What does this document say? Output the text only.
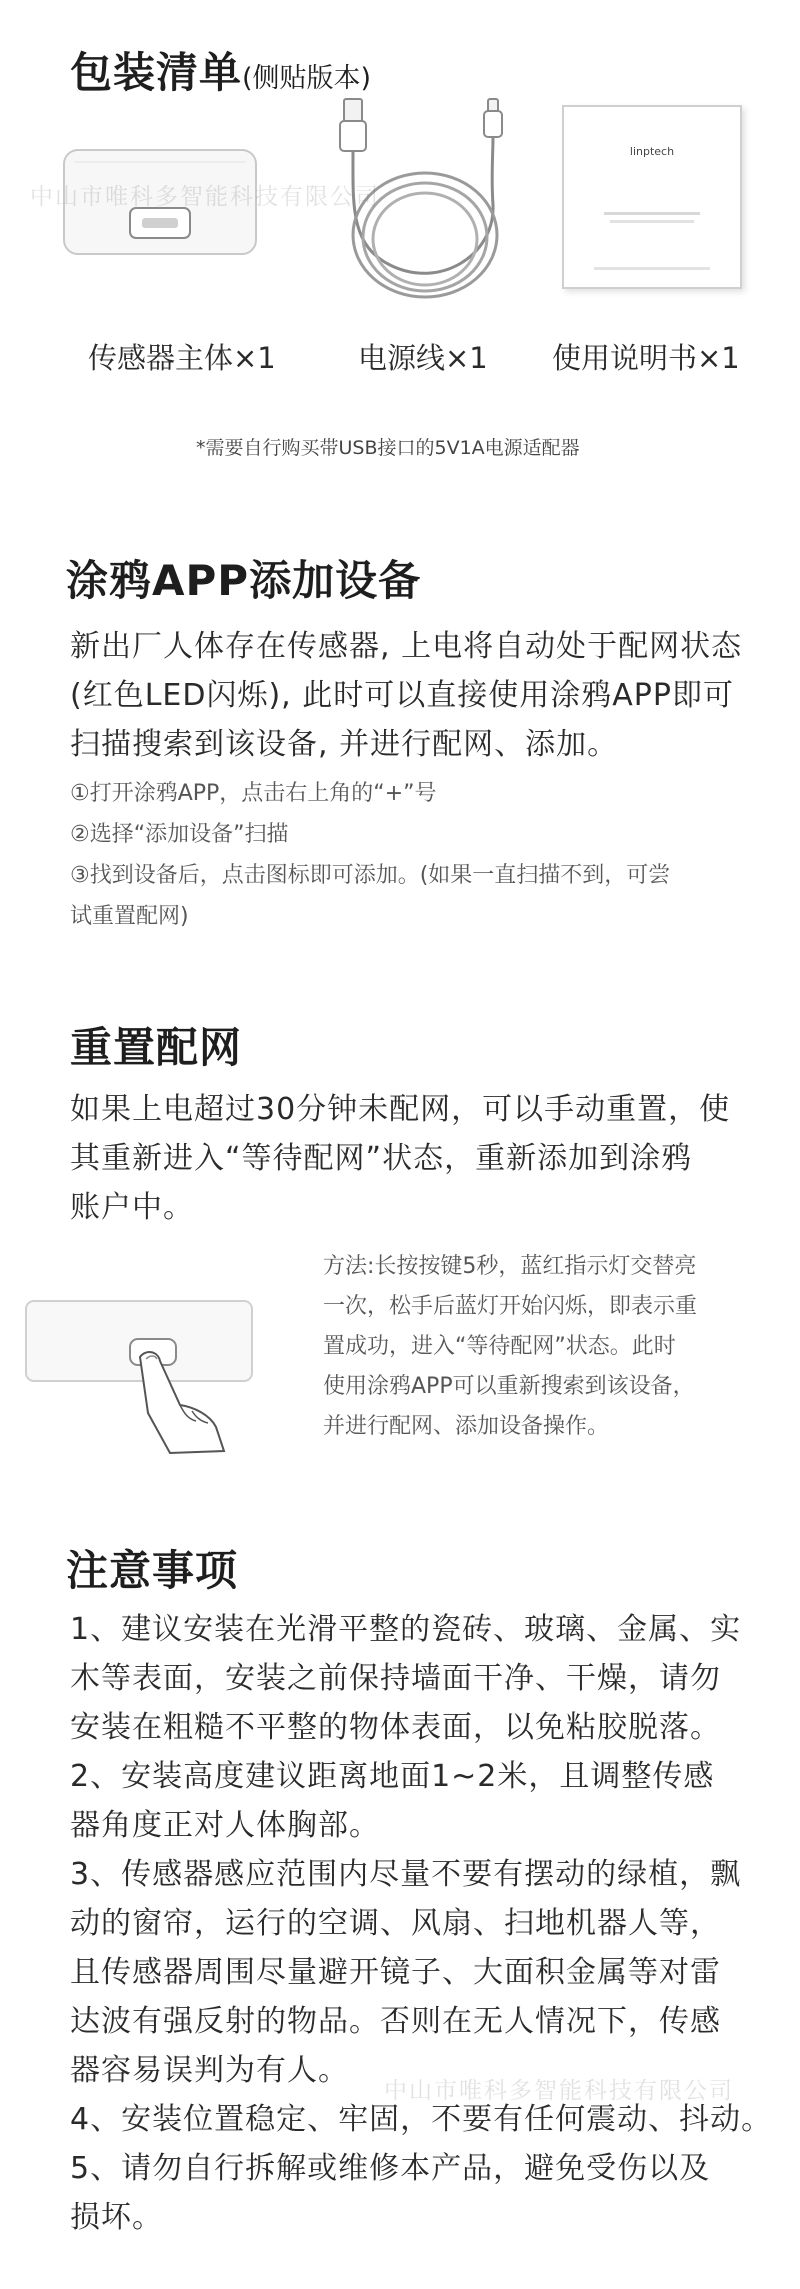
包装清单(侧贴版本)
linptech
传感器主体×1	电源线×1 使用说明书×1
*需要自行购买带USB接口的5V1A电源适配器
中山市唯科多智能科技有限公司
涂鸦APP添加设备

新出厂人体存在传感器, 上电将自动处于配网状态

(红色LED闪烁), 此时可以直接使用涂鸦APP即可

扫描搜索到该设备, 并进行配网、添加。

①打开涂鸦APP，点击右上角的“+”号

②选择“添加设备”扫描

③找到设备后，点击图标即可添加。(如果一直扫描不到，可尝

试重置配网)

重置配网

如果上电超过30分钟未配网，可以手动重置，使

其重新进入“等待配网”状态，重新添加到涂鸦

账户中。

方法:长按按键5秒，蓝红指示灯交替亮

一次，松手后蓝灯开始闪烁，即表示重

置成功，进入“等待配网”状态。此时

使用涂鸦APP可以重新搜索到该设备，

并进行配网、添加设备操作。

注意事项

1、建议安装在光滑平整的瓷砖、玻璃、金属、实

木等表面，安装之前保持墙面干净、干燥，请勿

安装在粗糙不平整的物体表面，以免粘胶脱落。

2、安装高度建议距离地面1~2米，且调整传感

器角度正对人体胸部。

3、传感器感应范围内尽量不要有摆动的绿植，飘

动的窗帘，运行的空调、风扇、扫地机器人等，

且传感器周围尽量避开镜子、大面积金属等对雷

达波有强反射的物品。否则在无人情况下，传感

器容易误判为有人。

4、安装位置稳定、牢固，不要有任何震动、抖动。

5、请勿自行拆解或维修本产品，避免受伤以及

损坏。

中山市唯科多智能科技有限公司
